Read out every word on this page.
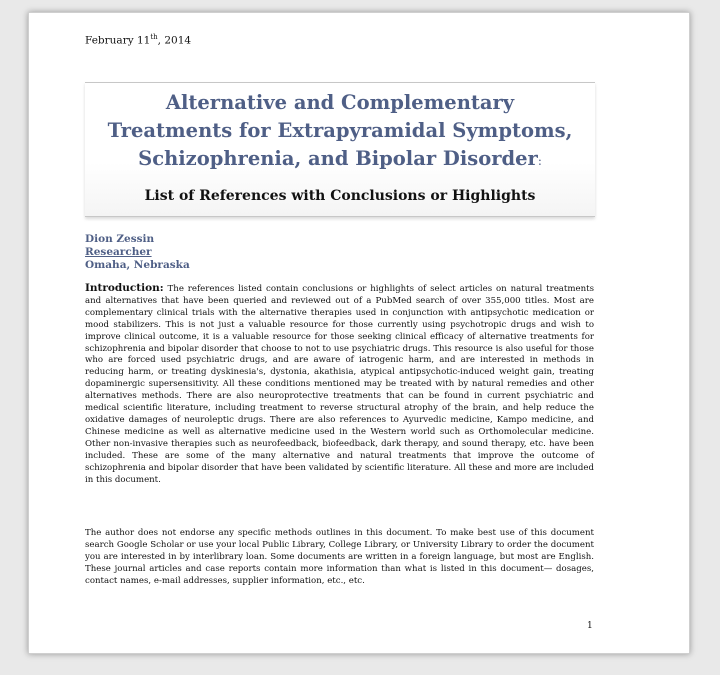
February 11th, 2014
Alternative and Complementary
Treatments for Extrapyramidal Symptoms,
Schizophrenia, and Bipolar Disorder:
List of References with Conclusions or Highlights
Dion Zessin
Researcher
Omaha, Nebraska
Introduction: The references listed contain conclusions or highlights of select articles on natural treatments and alternatives that have been queried and reviewed out of a PubMed search of over 355,000 titles. Most are complementary clinical trials with the alternative therapies used in conjunction with antipsychotic medication or mood stabilizers. This is not just a valuable resource for those currently using psychotropic drugs and wish to improve clinical outcome, it is a valuable resource for those seeking clinical efficacy of alternative treatments for schizophrenia and bipolar disorder that choose to not to use psychiatric drugs. This resource is also useful for those who are forced used psychiatric drugs, and are aware of iatrogenic harm, and are interested in methods in reducing harm, or treating dyskinesia's, dystonia, akathisia, atypical antipsychotic-induced weight gain, treating dopaminergic supersensitivity. All these conditions mentioned may be treated with by natural remedies and other alternatives methods. There are also neuroprotective treatments that can be found in current psychiatric and medical scientific literature, including treatment to reverse structural atrophy of the brain, and help reduce the oxidative damages of neuroleptic drugs. There are also references to Ayurvedic medicine, Kampo medicine, and Chinese medicine as well as alternative medicine used in the Western world such as Orthomolecular medicine. Other non-invasive therapies such as neurofeedback, biofeedback, dark therapy, and sound therapy, etc. have been included. These are some of the many alternative and natural treatments that improve the outcome of schizophrenia and bipolar disorder that have been validated by scientific literature. All these and more are included in this document.
The author does not endorse any specific methods outlines in this document. To make best use of this document search Google Scholar or use your local Public Library, College Library, or University Library to order the document you are interested in by interlibrary loan. Some documents are written in a foreign language, but most are English. These journal articles and case reports contain more information than what is listed in this document— dosages, contact names, e-mail addresses, supplier information, etc., etc.
1
